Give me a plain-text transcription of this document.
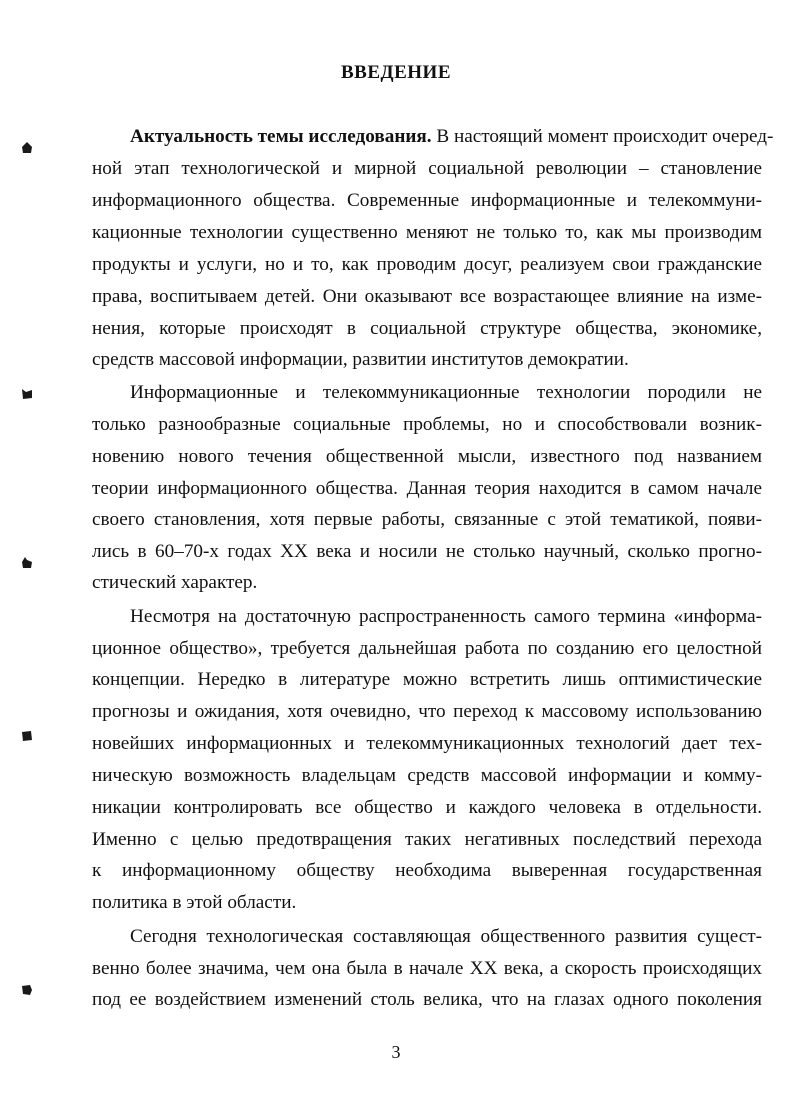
ВВЕДЕНИЕ
Актуальность темы исследования. В настоящий момент происходит очеред-
ной этап технологической и мирной социальной революции – становление
информационного общества. Современные информационные и телекоммуни-
кационные технологии существенно меняют не только то, как мы производим
продукты и услуги, но и то, как проводим досуг, реализуем свои гражданские
права, воспитываем детей. Они оказывают все возрастающее влияние на изме-
нения, которые происходят в социальной структуре общества, экономике,
средств массовой информации, развитии институтов демократии.
Информационные и телекоммуникационные технологии породили не
только разнообразные социальные проблемы, но и способствовали возник-
новению нового течения общественной мысли, известного под названием
теории информационного общества. Данная теория находится в самом начале
своего становления, хотя первые работы, связанные с этой тематикой, появи-
лись в 60–70-х годах XX века и носили не столько научный, сколько прогно-
стический характер.
Несмотря на достаточную распространенность самого термина «информа-
ционное общество», требуется дальнейшая работа по созданию его целостной
концепции. Нередко в литературе можно встретить лишь оптимистические
прогнозы и ожидания, хотя очевидно, что переход к массовому использованию
новейших информационных и телекоммуникационных технологий дает тех-
ническую возможность владельцам средств массовой информации и комму-
никации контролировать все общество и каждого человека в отдельности.
Именно с целью предотвращения таких негативных последствий перехода
к информационному обществу необходима выверенная государственная
политика в этой области.
Сегодня технологическая составляющая общественного развития сущест-
венно более значима, чем она была в начале XX века, а скорость происходящих
под ее воздействием изменений столь велика, что на глазах одного поколения
3
